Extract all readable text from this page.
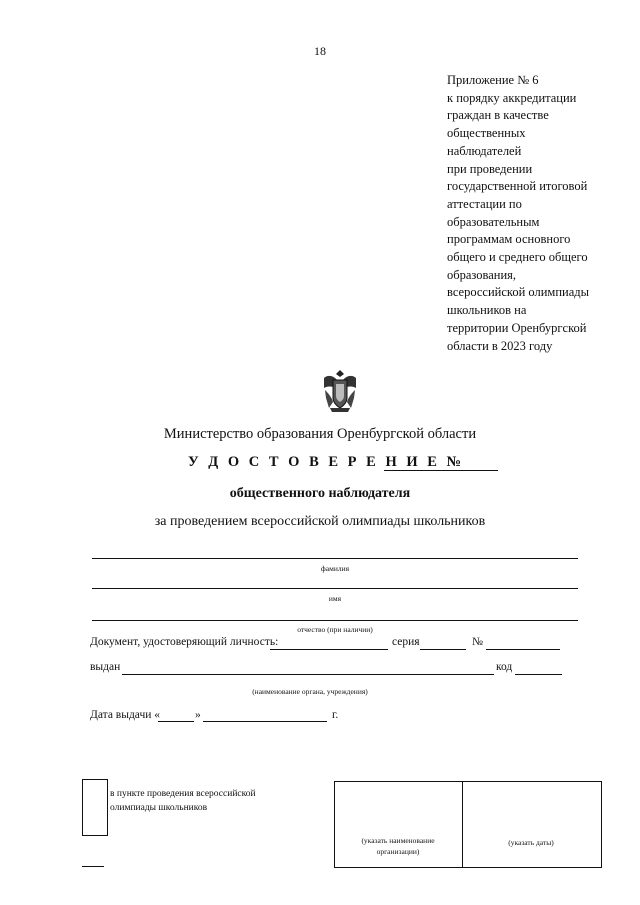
18
Приложение № 6
к порядку аккредитации
граждан в качестве
общественных
наблюдателей
при проведении
государственной итоговой
аттестации по
образовательным
программам основного
общего и среднего общего
образования,
всероссийской олимпиады
школьников на
территории Оренбургской
области в 2023 году
Министерство образования Оренбургской области
У Д О С Т О В Е Р Е Н И Е №
общественного наблюдателя
за проведением всероссийской олимпиады школьников
фамилия
имя
отчество (при наличии)
Документ, удостоверяющий личность:	серия	№
выдан	код
(наименование органа, учреждения)
Дата выдачи «	»	г.
в пункте проведения всероссийской
олимпиады школьников
(указать наименование
организации)
(указать даты)
